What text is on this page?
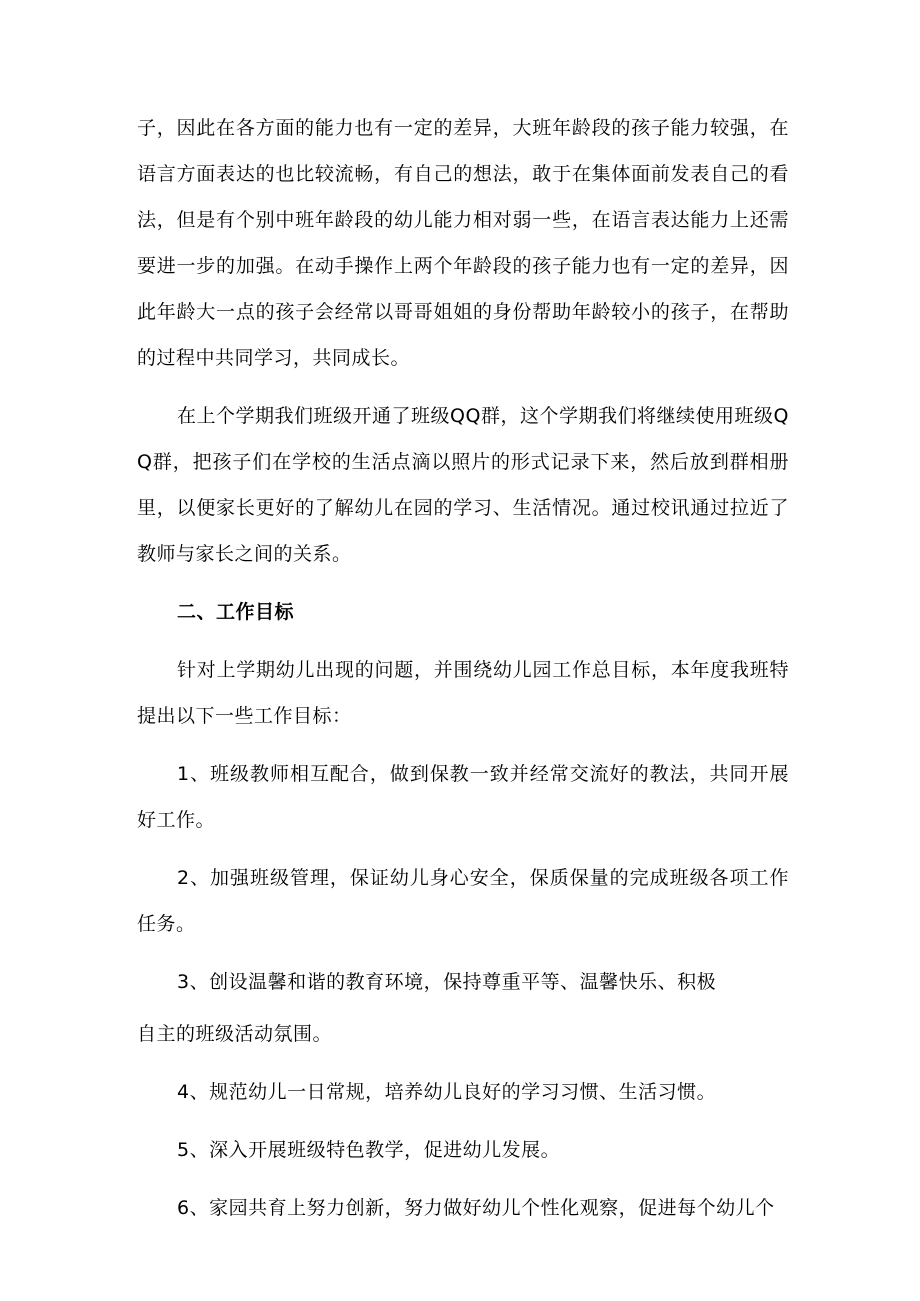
子，因此在各方面的能力也有一定的差异，大班年龄段的孩子能力较强，在语言方面表达的也比较流畅，有自己的想法，敢于在集体面前发表自己的看法，但是有个别中班年龄段的幼儿能力相对弱一些，在语言表达能力上还需要进一步的加强。在动手操作上两个年龄段的孩子能力也有一定的差异，因此年龄大一点的孩子会经常以哥哥姐姐的身份帮助年龄较小的孩子，在帮助的过程中共同学习，共同成长。

在上个学期我们班级开通了班级QQ群，这个学期我们将继续使用班级QQ群，把孩子们在学校的生活点滴以照片的形式记录下来，然后放到群相册里，以便家长更好的了解幼儿在园的学习、生活情况。通过校讯通过拉近了教师与家长之间的关系。

二、工作目标

针对上学期幼儿出现的问题，并围绕幼儿园工作总目标，本年度我班特提出以下一些工作目标：

1、班级教师相互配合，做到保教一致并经常交流好的教法，共同开展好工作。

2、加强班级管理，保证幼儿身心安全，保质保量的完成班级各项工作任务。

3、创设温馨和谐的教育环境，保持尊重平等、温馨快乐、积极

自主的班级活动氛围。

4、规范幼儿一日常规，培养幼儿良好的学习习惯、生活习惯。

5、深入开展班级特色教学，促进幼儿发展。

6、家园共育上努力创新，努力做好幼儿个性化观察，促进每个幼儿个
